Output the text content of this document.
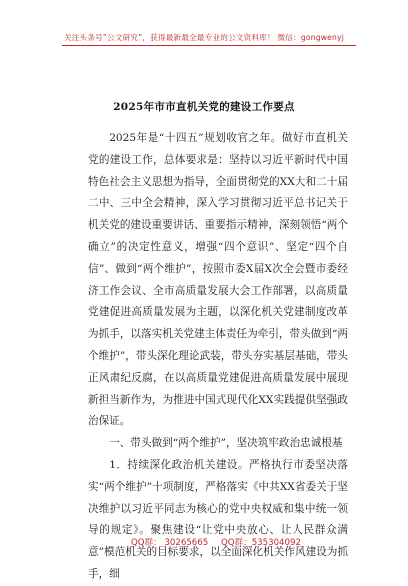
关注头条号“公文研究”，获得最新最全最专业的公文资料库！ 微信：gongwenyj
2025年市市直机关党的建设工作要点

2025年是“十四五”规划收官之年。做好市直机关党的建设工作，总体要求是：坚持以习近平新时代中国特色社会主义思想为指导，全面贯彻党的XX大和二十届二中、三中全会精神，深入学习贯彻习近平总书记关于机关党的建设重要讲话、重要指示精神，深刻领悟“两个确立”的决定性意义，增强“四个意识”、坚定“四个自信”、做到“两个维护”，按照市委X届X次全会暨市委经济工作会议、全市高质量发展大会工作部署，以高质量党建促进高质量发展为主题，以深化机关党建制度改革为抓手，以落实机关党建主体责任为牵引，带头做到“两个维护”，带头深化理论武装，带头夯实基层基础，带头正风肃纪反腐，在以高质量党建促进高质量发展中展现新担当新作为，为推进中国式现代化XX实践提供坚强政治保证。

一、带头做到“两个维护”，坚决筑牢政治忠诚根基

1．持续深化政治机关建设。严格执行市委坚决落实“两个维护”十项制度，严格落实《中共XX省委关于坚决维护以习近平同志为核心的党中央权威和集中统一领导的规定》。聚焦建设“让党中央放心、让人民群众满意”模范机关的目标要求，以全面深化机关作风建设为抓手，细

QQ群： 30265665 QQ群：535304092
